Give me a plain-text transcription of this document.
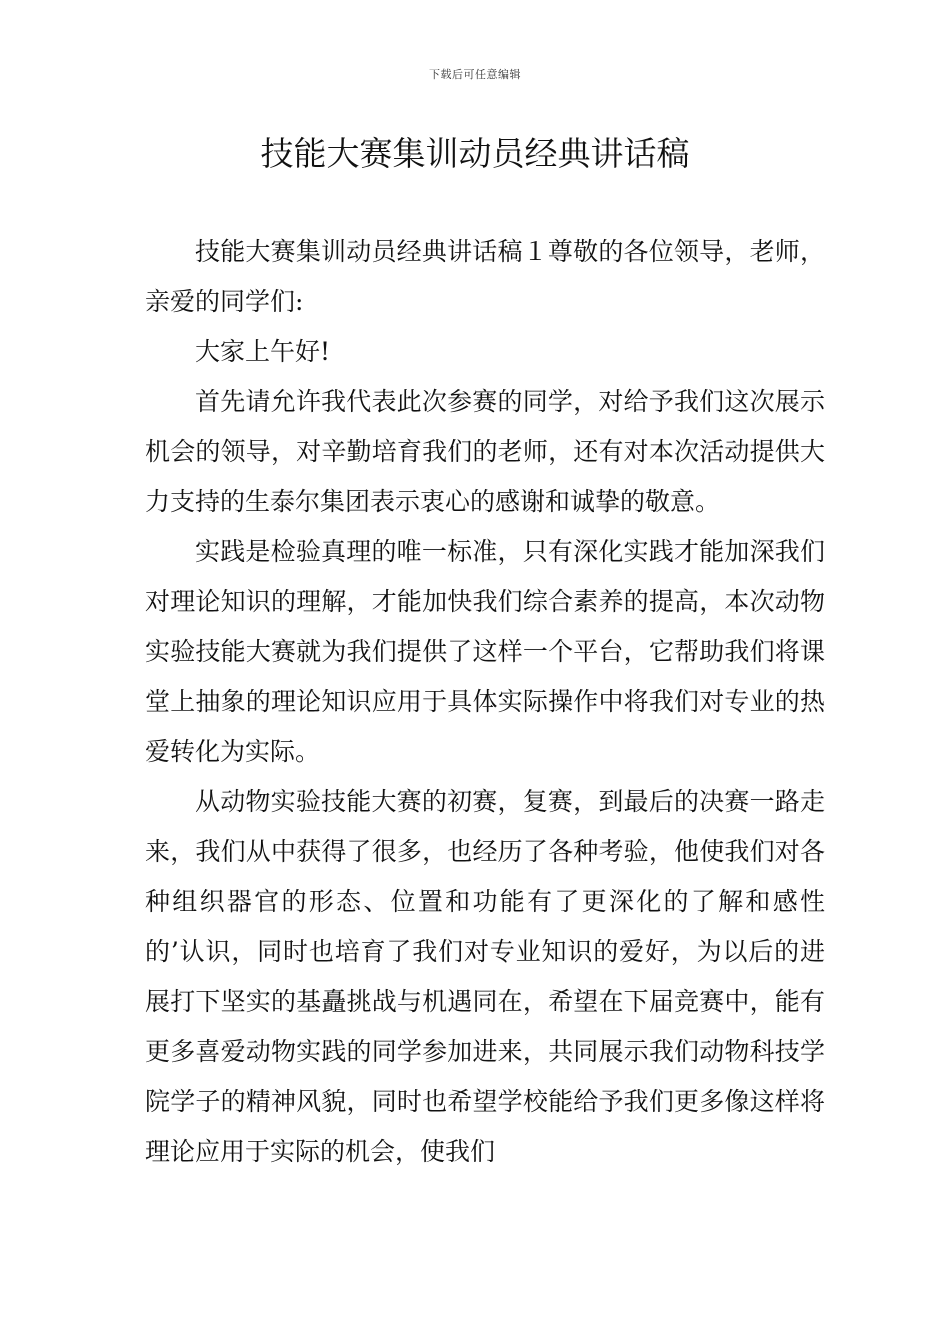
下载后可任意编辑
技能大赛集训动员经典讲话稿

技能大赛集训动员经典讲话稿１尊敬的各位领导，老师，亲爱的同学们:

大家上午好!

首先请允许我代表此次参赛的同学，对给予我们这次展示机会的领导，对辛勤培育我们的老师，还有对本次活动提供大力支持的生泰尔集团表示衷心的感谢和诚挚的敬意。

实践是检验真理的唯一标准，只有深化实践才能加深我们对理论知识的理解，才能加快我们综合素养的提高，本次动物实验技能大赛就为我们提供了这样一个平台，它帮助我们将课堂上抽象的理论知识应用于具体实际操作中将我们对专业的热爱转化为实际。

从动物实验技能大赛的初赛，复赛，到最后的决赛一路走来，我们从中获得了很多，也经历了各种考验，他使我们对各种组织器官的形态、位置和功能有了更深化的了解和感性的’认识，同时也培育了我们对专业知识的爱好，为以后的进展打下坚实的基矗挑战与机遇同在，希望在下届竞赛中，能有更多喜爱动物实践的同学参加进来，共同展示我们动物科技学院学子的精神风貌，同时也希望学校能给予我们更多像这样将理论应用于实际的机会，使我们
